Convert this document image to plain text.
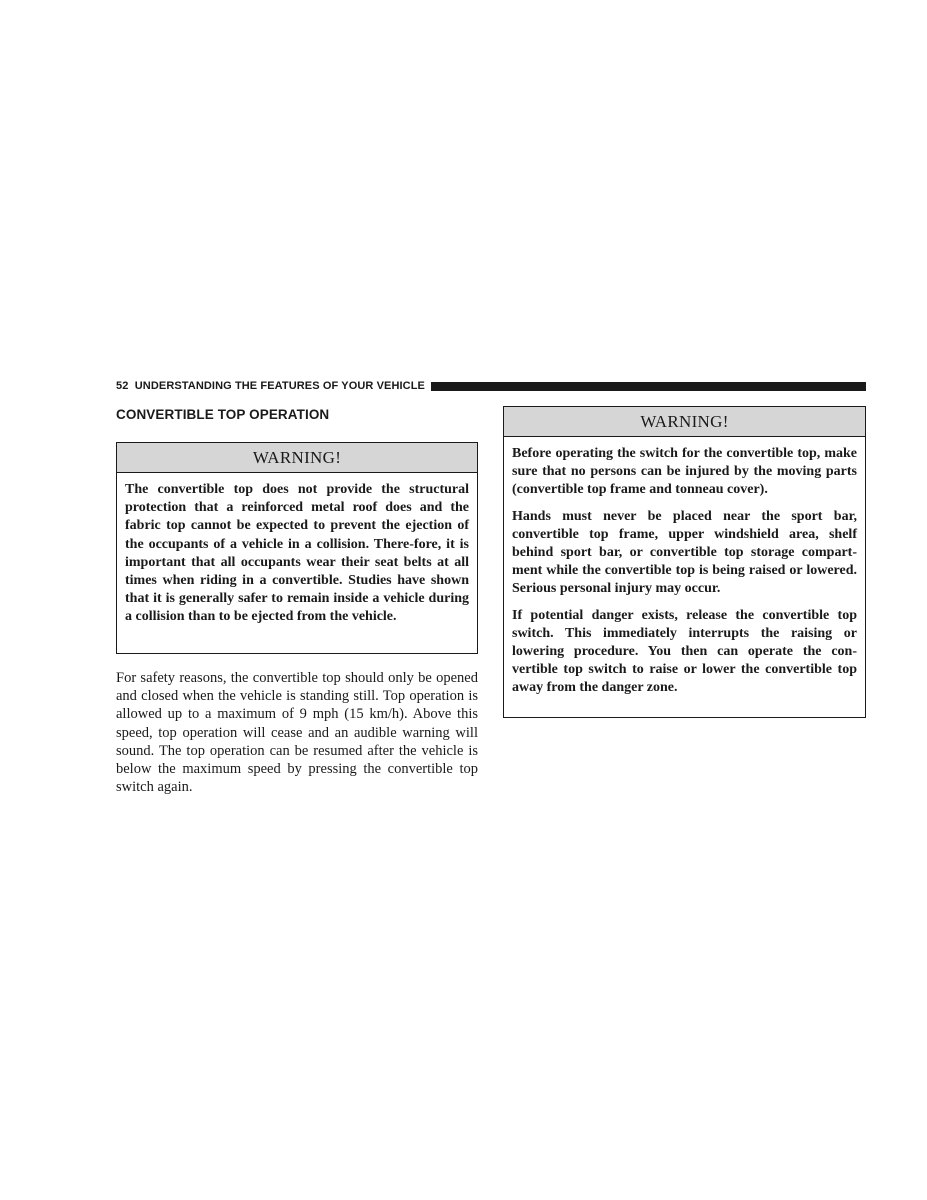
52 UNDERSTANDING THE FEATURES OF YOUR VEHICLE
CONVERTIBLE TOP OPERATION
WARNING!

The convertible top does not provide the structural protection that a reinforced metal roof does and the fabric top cannot be expected to prevent the ejection of the occupants of a vehicle in a collision. There-fore, it is important that all occupants wear their seat belts at all times when riding in a convertible. Studies have shown that it is generally safer to remain inside a vehicle during a collision than to be ejected from the vehicle.

For safety reasons, the convertible top should only be opened and closed when the vehicle is standing still. Top operation is allowed up to a maximum of 9 mph (15 km/h). Above this speed, top operation will cease and an audible warning will sound. The top operation can be resumed after the vehicle is below the maximum speed by pressing the convertible top switch again.

WARNING!

Before operating the switch for the convertible top, make sure that no persons can be injured by the moving parts (convertible top frame and tonneau cover).

Hands must never be placed near the sport bar, convertible top frame, upper windshield area, shelf behind sport bar, or convertible top storage compart-ment while the convertible top is being raised or lowered. Serious personal injury may occur.

If potential danger exists, release the convertible top switch. This immediately interrupts the raising or lowering procedure. You then can operate the con-vertible top switch to raise or lower the convertible top away from the danger zone.
